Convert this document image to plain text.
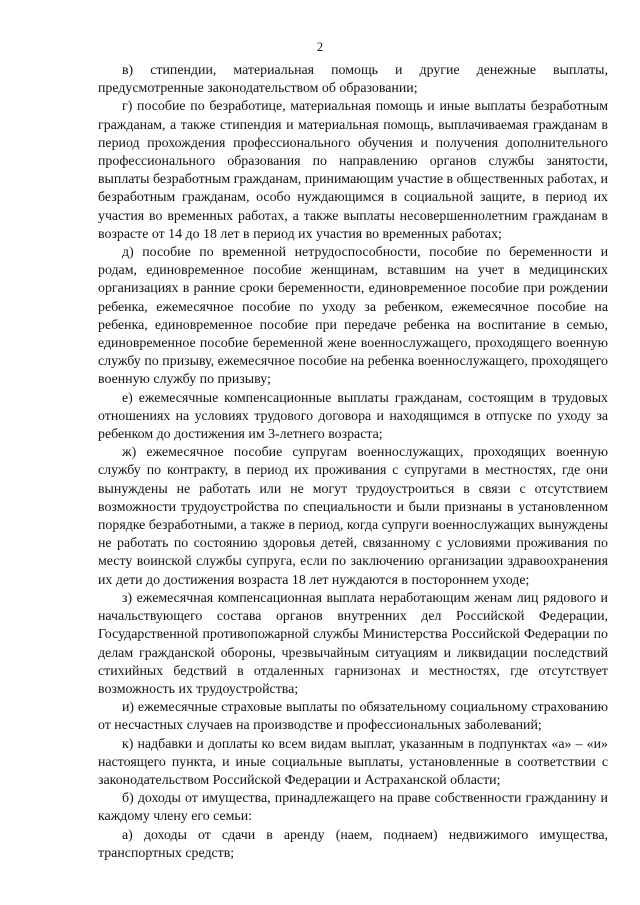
2

в) стипендии, материальная помощь и другие денежные выплаты, предусмотренные законодательством об образовании;

г) пособие по безработице, материальная помощь и иные выплаты безработным гражданам, а также стипендия и материальная помощь, выплачиваемая гражданам в период прохождения профессионального обучения и получения дополнительного профессионального образования по направлению органов службы занятости, выплаты безработным гражданам, принимающим участие в общественных работах, и безработным гражданам, особо нуждающимся в социальной защите, в период их участия во временных работах, а также выплаты несовершеннолетним гражданам в возрасте от 14 до 18 лет в период их участия во временных работах;

д) пособие по временной нетрудоспособности, пособие по беременности и родам, единовременное пособие женщинам, вставшим на учет в медицинских организациях в ранние сроки беременности, единовременное пособие при рождении ребенка, ежемесячное пособие по уходу за ребенком, ежемесячное пособие на ребенка, единовременное пособие при передаче ребенка на воспитание в семью, единовременное пособие беременной жене военнослужащего, проходящего военную службу по призыву, ежемесячное пособие на ребенка военнослужащего, проходящего военную службу по призыву;

е) ежемесячные компенсационные выплаты гражданам, состоящим в трудовых отношениях на условиях трудового договора и находящимся в отпуске по уходу за ребенком до достижения им 3-летнего возраста;

ж) ежемесячное пособие супругам военнослужащих, проходящих военную службу по контракту, в период их проживания с супругами в местностях, где они вынуждены не работать или не могут трудоустроиться в связи с отсутствием возможности трудоустройства по специальности и были признаны в установленном порядке безработными, а также в период, когда супруги военнослужащих вынуждены не работать по состоянию здоровья детей, связанному с условиями проживания по месту воинской службы супруга, если по заключению организации здравоохранения их дети до достижения возраста 18 лет нуждаются в постороннем уходе;

з) ежемесячная компенсационная выплата неработающим женам лиц рядового и начальствующего состава органов внутренних дел Российской Федерации, Государственной противопожарной службы Министерства Российской Федерации по делам гражданской обороны, чрезвычайным ситуациям и ликвидации последствий стихийных бедствий в отдаленных гарнизонах и местностях, где отсутствует возможность их трудоустройства;

и) ежемесячные страховые выплаты по обязательному социальному страхованию от несчастных случаев на производстве и профессиональных заболеваний;

к) надбавки и доплаты ко всем видам выплат, указанным в подпунктах «а» – «и» настоящего пункта, и иные социальные выплаты, установленные в соответствии с законодательством Российской Федерации и Астраханской области;

б) доходы от имущества, принадлежащего на праве собственности гражданину и каждому члену его семьи:

а) доходы от сдачи в аренду (наем, поднаем) недвижимого имущества, транспортных средств;
